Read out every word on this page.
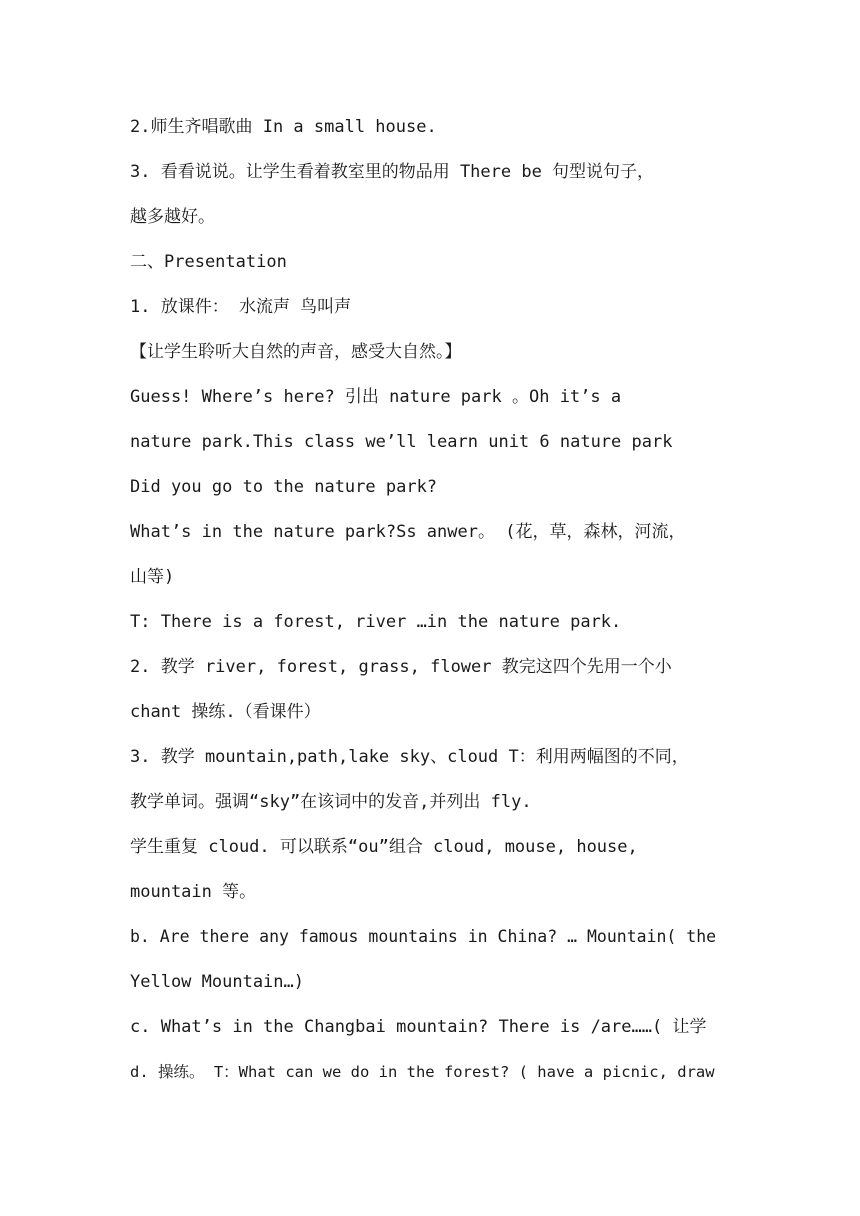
2.师生齐唱歌曲 In a small house.
3. 看看说说。让学生看着教室里的物品用 There be 句型说句子，
越多越好。
二、Presentation
1. 放课件： 水流声 鸟叫声
【让学生聆听大自然的声音，感受大自然。】
Guess! Where’s here? 引出 nature park 。Oh it’s a
nature park.This class we’ll learn unit 6 nature park
Did you go to the nature park?
What’s in the nature park?Ss anwer。 (花，草，森林，河流，
山等)
T: There is a forest, river …in the nature park.
2. 教学 river, forest, grass, flower 教完这四个先用一个小
chant 操练.（看课件）
3. 教学 mountain,path,lake sky、cloud T：利用两幅图的不同，
教学单词。强调“sky”在该词中的发音,并列出 fly.
学生重复 cloud. 可以联系“ou”组合 cloud, mouse, house,
mountain 等。
b. Are there any famous mountains in China? … Mountain( the
Yellow Mountain…)
c. What’s in the Changbai mountain? There is /are……( 让学
d. 操练。 T：What can we do in the forest? ( have a picnic, draw
